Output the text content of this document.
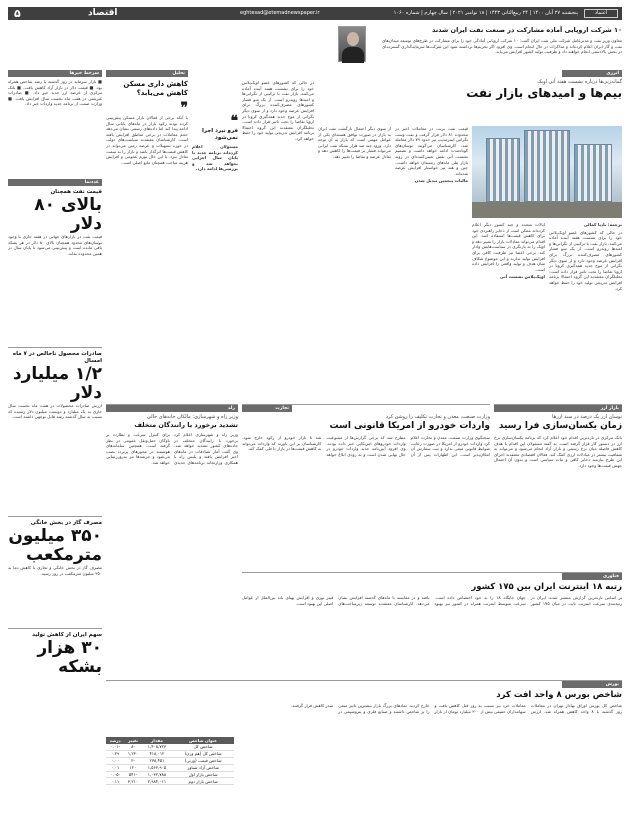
اعتماد
پنجشنبه ۲۷ آبان ۱۴۰۰ | ۲۴ ربیع‌الثانی ۱۴۴۳ | ۱۸ نوامبر ۲۰۲۱ | سال چهارم | شماره ۱۰۶۰
eghtesad@etemadnewspaper.ir
اقتصاد
۵
۱۰ شرکت اروپایی آماده مشارکت در صنعت نفت ایران شدند
معاون وزیر نفت و مدیرعامل شرکت ملی نفت ایران گفت: ۱۰ شرکت اروپایی آمادگی خود را برای مشارکت در طرح‌های توسعه میدان‌های نفت و گاز ایران اعلام کرده‌اند و مذاکرات در حال انجام است. وی افزود اگر تحریم‌ها برداشته شود این شرکت‌ها سرمایه‌گذاری گسترده‌ای در بخش بالادستی انجام خواهند داد و ظرفیت تولید کشور افزایش می‌یابد.
سرخط خبرها
■ بازار سرمایه در روز گذشته با رشد شاخص همراه بود. ■ قیمت دلار در بازار آزاد کاهش یافت. ■ بانک مرکزی از عرضه ارز جدید خبر داد. ■ صادرات غیرنفتی در هفت ماه نخست سال افزایش یافت. ■ وزارت صمت از برنامه جدید واردات خبر داد.
عددنما
قیمت نفت همچنان
بالای ۸۰ دلار
قیمت نفت در بازارهای جهانی در هفته جاری با وجود نوسان‌های محدود همچنان بالای ۸۰ دلار در هر بشکه باقی مانده است و پیش‌بینی می‌شود تا پایان سال در همین محدوده بماند.
صادرات محصول ناخالص در ۷ ماه امسال
۱/۲ میلیارد دلار
ارزش صادرات محصولات در هفت ماه نخست سال جاری به یک میلیارد و دویست میلیون دلار رسیده که نسبت به سال گذشته رشد قابل توجهی داشته است.
مصرف گاز در بخش خانگی
۳۵۰ میلیون مترمکعب
مصرف گاز در بخش خانگی و تجاری با کاهش دما به ۳۵۰ میلیون مترمکعب در روز رسید.
سهم ایران از کاهش تولید
۳۰ هزار بشکه
تحلیل
کاهش داری مسکن کاهش می‌یابد؟
❞
با آنکه برخی از فعالان بازار مسکن پیش‌بینی کرده بودند رکود بازار در ماه‌های پایانی سال ادامه پیدا کند اما داده‌های رسمی نشان می‌دهد حجم معاملات در برخی مناطق افزایش یافته است. کارشناسان معتقدند سیاست‌های دولت در حوزه تسهیلات و عرضه زمین می‌تواند در کاهش قیمت‌ها اثرگذار باشد و بازار را به سمت تعادل ببرد. با این حال تورم عمومی و افزایش هزینه ساخت همچنان مانع اصلی است.
❝
فرو نبرد اجرا نمی‌شود
مسئولان اعلام کرده‌اند برنامه جدید تا پایان سال اجرایی نخواهد شد و بررسی‌ها ادامه دارد.
انرژی
گمانه‌زنی‌ها درباره نشست هفته آتی اوپک
بیم‌ها و امیدهای بازار نفت
ترجمه: نادیا کمالی
در حالی که کشورهای عضو اوپک‌پلاس خود را برای نشست هفته آینده آماده می‌کنند، بازار نفت با ترکیبی از نگرانی‌ها و امیدها روبه‌رو است. از یک سو فشار کشورهای مصرف‌کننده بزرگ برای افزایش عرضه وجود دارد و از سوی دیگر نگرانی از موج جدید همه‌گیری کرونا در اروپا تقاضا را تحت تاثیر قرار داده است. تحلیلگران معتقدند این گروه احتمالا برنامه افزایش تدریجی تولید خود را حفظ خواهد کرد.
ایالات متحده و چند کشور دیگر اعلام کرده‌اند ممکن است از ذخایر راهبردی خود برای کاهش قیمت‌ها استفاده کنند. این اقدام می‌تواند معادلات بازار را تغییر دهد و اوپک را به بازنگری در سیاست‌هایش وادار کند. برخی اعضا نیز ظرفیت کافی برای افزایش تولید ندارند و این موضوع شکاف میان هدف و تولید واقعی را افزایش داده است.
اوپک‌پلاس نشست آتی
قیمت نفت برنت در معاملات اخیر در محدوده ۸۱ دلار قرار گرفت و نفت وست تگزاس اینترمدیت نیز حدود ۷۹ دلار معامله شد. کارشناسان می‌گویند نوسان‌های کوتاه‌مدت ادامه خواهد داشت و تصمیم نشست آتی نقش تعیین‌کننده‌ای در روند بازار طی ماه‌های زمستان خواهد داشت. چین و هند نیز خواستار افزایش عرضه شده‌اند.
مالیات پنجمین تبدیل شدن
از سوی دیگر احتمال بازگشت نفت ایران به بازار در صورت توافق هسته‌ای یکی از عوامل مهمی است که بازار به آن توجه دارد. ورود چند صد هزار بشکه نفت ایرانی می‌تواند فشار بر قیمت‌ها را کاهش دهد و تعادل عرضه و تقاضا را تغییر دهد.
در حالی که کشورهای عضو اوپک‌پلاس خود را برای نشست هفته آینده آماده می‌کنند، بازار نفت با ترکیبی از نگرانی‌ها و امیدها روبه‌رو است. از یک سو فشار کشورهای مصرف‌کننده بزرگ برای افزایش عرضه وجود دارد و از سوی دیگر نگرانی از موج جدید همه‌گیری کرونا در اروپا تقاضا را تحت تاثیر قرار داده است. تحلیلگران معتقدند این گروه احتمالا برنامه افزایش تدریجی تولید خود را حفظ خواهد کرد.
بازار ارز
نوسان ارز یک درصد در سبد ارزها
زمان یکسان‌سازی فرا رسید
بانک مرکزی در تازه‌ترین اقدام خود اعلام کرد که برنامه یکسان‌سازی نرخ ارز در دستور کار قرار گرفته است. به گفته مسئولان این اقدام با هدف کاهش فاصله میان نرخ رسمی و بازار آزاد انجام می‌شود و می‌تواند به شفافیت بیشتر در مبادلات ارزی کمک کند. فعالان اقتصادی معتقدند اجرای این طرح نیازمند ذخایر کافی و ثبات سیاسی است و بدون آن احتمال جهش قیمت‌ها وجود دارد.
تجارت
وزارت صنعت، معدن و تجارت تکلیف را روشن کرد
واردات خودرو از امریکا قانونی است
سخنگوی وزارت صنعت، معدن و تجارت اعلام کرد واردات خودرو از امریکا در صورت رعایت ضوابط قانونی منعی ندارد و ثبت سفارش آن امکان‌پذیر است. این اظهارات پس از آن مطرح شد که برخی گزارش‌ها از ممنوعیت واردات خودروهای امریکایی خبر داده بودند. وی افزود آیین‌نامه جدید واردات خودرو در حال نهایی شدن است و به زودی ابلاغ خواهد شد تا بازار خودرو از رکود خارج شود. کارشناسان بر این باورند که واردات می‌تواند به کاهش قیمت‌ها در بازار داخلی کمک کند.
راه
وزیر راه و شهرسازی: مالکان خانه‌های خالی
تشدید برخورد با رانندگان متخلف
وزیر راه و شهرسازی اعلام کرد برخورد با رانندگان متخلف در جاده‌های کشور تشدید خواهد شد. وی گفت آمار تصادفات در ماه‌های اخیر افزایش یافته و پلیس راه با همکاری وزارتخانه برنامه‌های جدیدی برای کنترل سرعت و نظارت بر ناوگان حمل‌ونقل عمومی در نظر گرفته است. همچنین سامانه‌های هوشمند در محورهای پرتردد نصب می‌شود و جریمه‌ها نیز به‌روزرسانی خواهد شد.
فناوری
رتبه ۱۸ اینترنت ایران بین ۱۷۵ کشور
بر اساس تازه‌ترین گزارش منتشر شده، ایران در رتبه‌بندی سرعت اینترنت ثابت در میان ۱۷۵ کشور جهان جایگاه ۱۸ را به خود اختصاص داده است. سرعت متوسط اینترنت همراه در کشور نیز بهبود یافته و در مقایسه با ماه‌های گذشته افزایش نشان می‌دهد. کارشناسان معتقدند توسعه زیرساخت‌های فیبر نوری و افزایش پهنای باند بین‌الملل از عوامل اصلی این بهبود است.
بورس
شاخص بورس ۸ واحد افت کرد
شاخص کل بورس اوراق بهادار تهران در معاملات روز گذشته با ۸ واحد کاهش همراه شد. ارزش معاملات خرد نیز نسبت به روز قبل کاهش یافت و سهامداران حقیقی بیش از ۳۰۰ میلیارد تومان از بازار خارج کردند. نمادهای بزرگ بازار بیشترین تاثیر منفی را بر شاخص داشتند و صنایع فلزی و پتروشیمی در صدر کاهش قرار گرفتند.
عنوان شاخص	مقدار	تغییر	درصد
شاخص کل	۱,۴۰۸,۷۲۳	-۸	-۰.۰۱
شاخص کل (هم وزن)	۴۱۸,۰۱۲	۱,۲۳۰	۰.۲۹
شاخص قیمت (وزنی)	۲۷۸,۴۵۱	-۲	۰.۰۰
شاخص آزاد شناور	۱,۵۶۳,۹۰۵	۱۲۰	۰.۰۱
شاخص بازار اول	۱,۰۳۲,۷۸۸	-۵۴۱	-۰.۰۵
شاخص بازار دوم	۲,۹۸۴,۰۱۱	۳,۲۱۰	۰.۱۱
